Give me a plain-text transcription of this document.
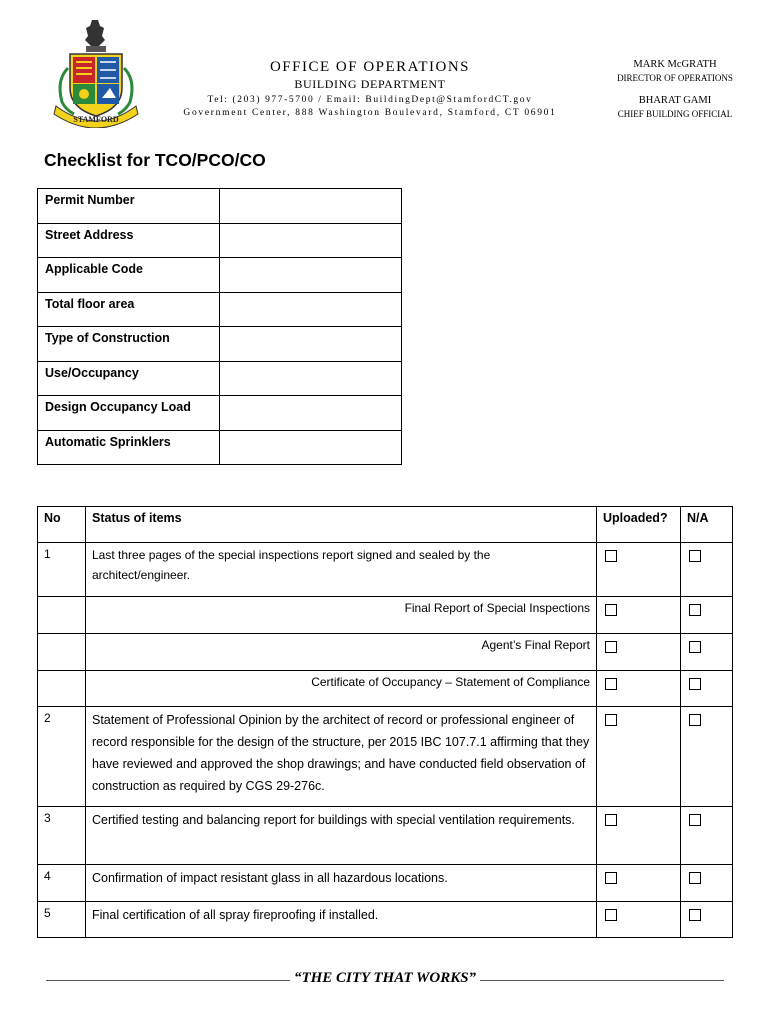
STAMFORD
OFFICE OF OPERATIONS
BUILDING DEPARTMENT
Tel: (203) 977-5700 / Email: BuildingDept@StamfordCT.gov
Government Center, 888 Washington Boulevard, Stamford, CT 06901
MARK McGRATH
DIRECTOR OF OPERATIONS
BHARAT GAMI
CHIEF BUILDING OFFICIAL
Checklist for TCO/PCO/CO
Permit Number	
Street Address	
Applicable Code	
Total floor area	
Type of Construction	
Use/Occupancy	
Design Occupancy Load	
Automatic Sprinklers	
No	Status of items	Uploaded?	N/A
1	Last three pages of the special inspections report signed and sealed by the architect/engineer.		
	Final Report of Special Inspections		
	Agent’s Final Report		
	Certificate of Occupancy – Statement of Compliance		
2	Statement of Professional Opinion by the architect of record or professional engineer of record responsible for the design of the structure, per 2015 IBC 107.7.1 affirming that they have reviewed and approved the shop drawings; and have conducted field observation of construction as required by CGS 29-276c.		
3	Certified testing and balancing report for buildings with special ventilation requirements.		
4	Confirmation of impact resistant glass in all hazardous locations.		
5	Final certification of all spray fireproofing if installed.		
“THE CITY THAT WORKS”
